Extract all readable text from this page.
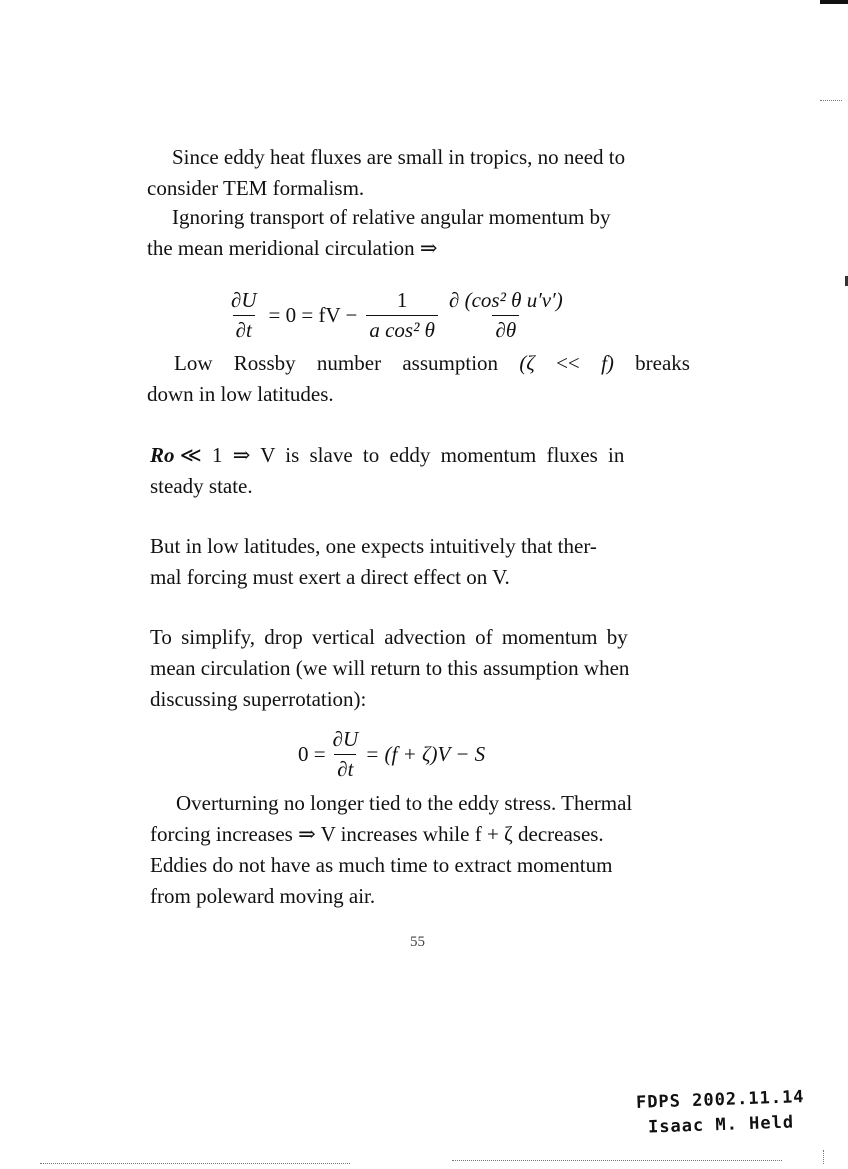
Since eddy heat fluxes are small in tropics, no need to
consider TEM formalism.
Ignoring transport of relative angular momentum by
the mean meridional circulation ⇒
$\frac{\partial U}{\partial t} = 0$ = fV − $\frac{1}{\text{a cos² θ}} \frac{\text{∂ (cos² θ u′v′)}}{\partial\theta}$
Low Rossby number assumption (ζ << f) breaks
down in low latitudes.
Ro ≪ 1 ⇒ V is slave to eddy momentum fluxes in
steady state.
But in low latitudes, one expects intuitively that ther-
mal forcing must exert a direct effect on V.
To simplify, drop vertical advection of momentum by
mean circulation (we will return to this assumption when
discussing superrotation):
$0 = \frac{\partial U}{\partial t} = (f + \zeta)V - S$
Overturning no longer tied to the eddy stress. Thermal
forcing increases ⇒ V increases while f + ζ decreases.
Eddies do not have as much time to extract momentum
from poleward moving air.
55
FDPS 2002.11.14
Isaac M. Held
